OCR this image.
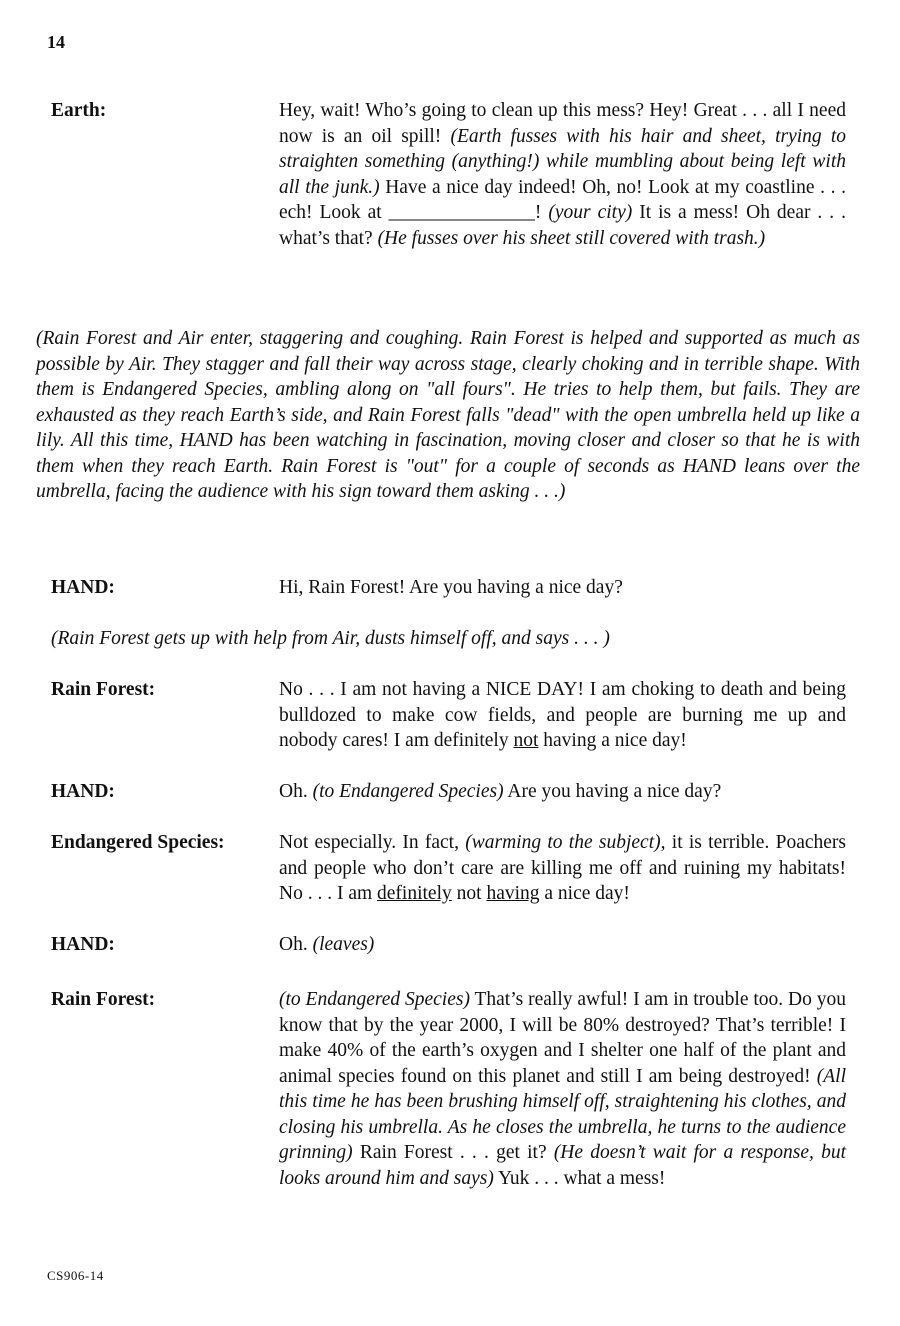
14
Earth:	Hey, wait! Who’s going to clean up this mess? Hey! Great . . . all I need now is an oil spill! (Earth fusses with his hair and sheet, trying to straighten something (anything!) while mumbling about being left with all the junk.) Have a nice day indeed! Oh, no! Look at my coastline . . . ech! Look at _______________! (your city) It is a mess! Oh dear . . . what’s that? (He fusses over his sheet still covered with trash.)
(Rain Forest and Air enter, staggering and coughing. Rain Forest is helped and supported as much as possible by Air. They stagger and fall their way across stage, clearly choking and in terrible shape. With them is Endangered Species, ambling along on "all fours". He tries to help them, but fails. They are exhausted as they reach Earth’s side, and Rain Forest falls "dead" with the open umbrella held up like a lily. All this time, HAND has been watching in fascination, moving closer and closer so that he is with them when they reach Earth. Rain Forest is "out" for a couple of seconds as HAND leans over the umbrella, facing the audience with his sign toward them asking . . .)
HAND:	Hi, Rain Forest! Are you having a nice day?
(Rain Forest gets up with help from Air, dusts himself off, and says . . . )
Rain Forest:	No . . . I am not having a NICE DAY! I am choking to death and being bulldozed to make cow fields, and people are burning me up and nobody cares! I am definitely not having a nice day!
HAND:	Oh. (to Endangered Species) Are you having a nice day?
Endangered Species:	Not especially. In fact, (warming to the subject), it is terrible. Poachers and people who don’t care are killing me off and ruining my habitats! No . . . I am definitely not having a nice day!
HAND:	Oh. (leaves)
Rain Forest:	(to Endangered Species) That’s really awful! I am in trouble too. Do you know that by the year 2000, I will be 80% destroyed? That’s terrible! I make 40% of the earth’s oxygen and I shelter one half of the plant and animal species found on this planet and still I am being destroyed! (All this time he has been brushing himself off, straightening his clothes, and closing his umbrella. As he closes the umbrella, he turns to the audience grinning) Rain Forest . . . get it? (He doesn’t wait for a response, but looks around him and says) Yuk . . . what a mess!
CS906-14
